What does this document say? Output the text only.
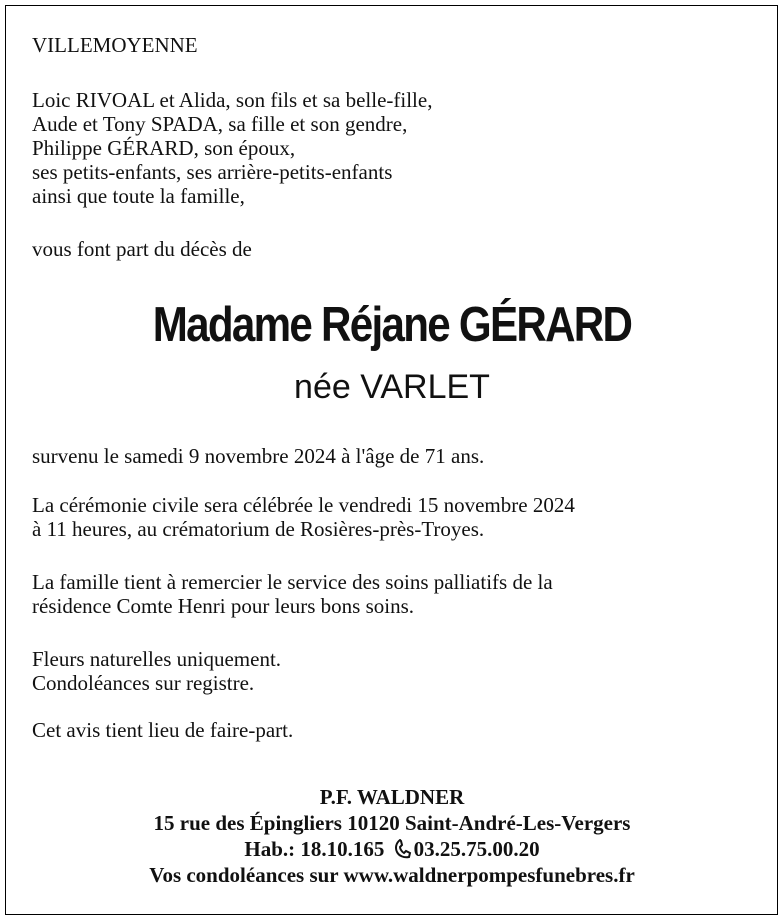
VILLEMOYENNE
Loic RIVOAL et Alida, son fils et sa belle-fille,
Aude et Tony SPADA, sa fille et son gendre,
Philippe GÉRARD, son époux,
ses petits-enfants, ses arrière-petits-enfants
ainsi que toute la famille,
vous font part du décès de
Madame Réjane GÉRARD
née VARLET
survenu le samedi 9 novembre 2024 à l'âge de 71 ans.
La cérémonie civile sera célébrée le vendredi 15 novembre 2024
à 11 heures, au crématorium de Rosières-près-Troyes.
La famille tient à remercier le service des soins palliatifs de la
résidence Comte Henri pour leurs bons soins.
Fleurs naturelles uniquement.
Condoléances sur registre.
Cet avis tient lieu de faire-part.
P.F. WALDNER
15 rue des Épingliers 10120 Saint-André-Les-Vergers
Hab.: 18.10.165 03.25.75.00.20
Vos condoléances sur www.waldnerpompesfunebres.fr
